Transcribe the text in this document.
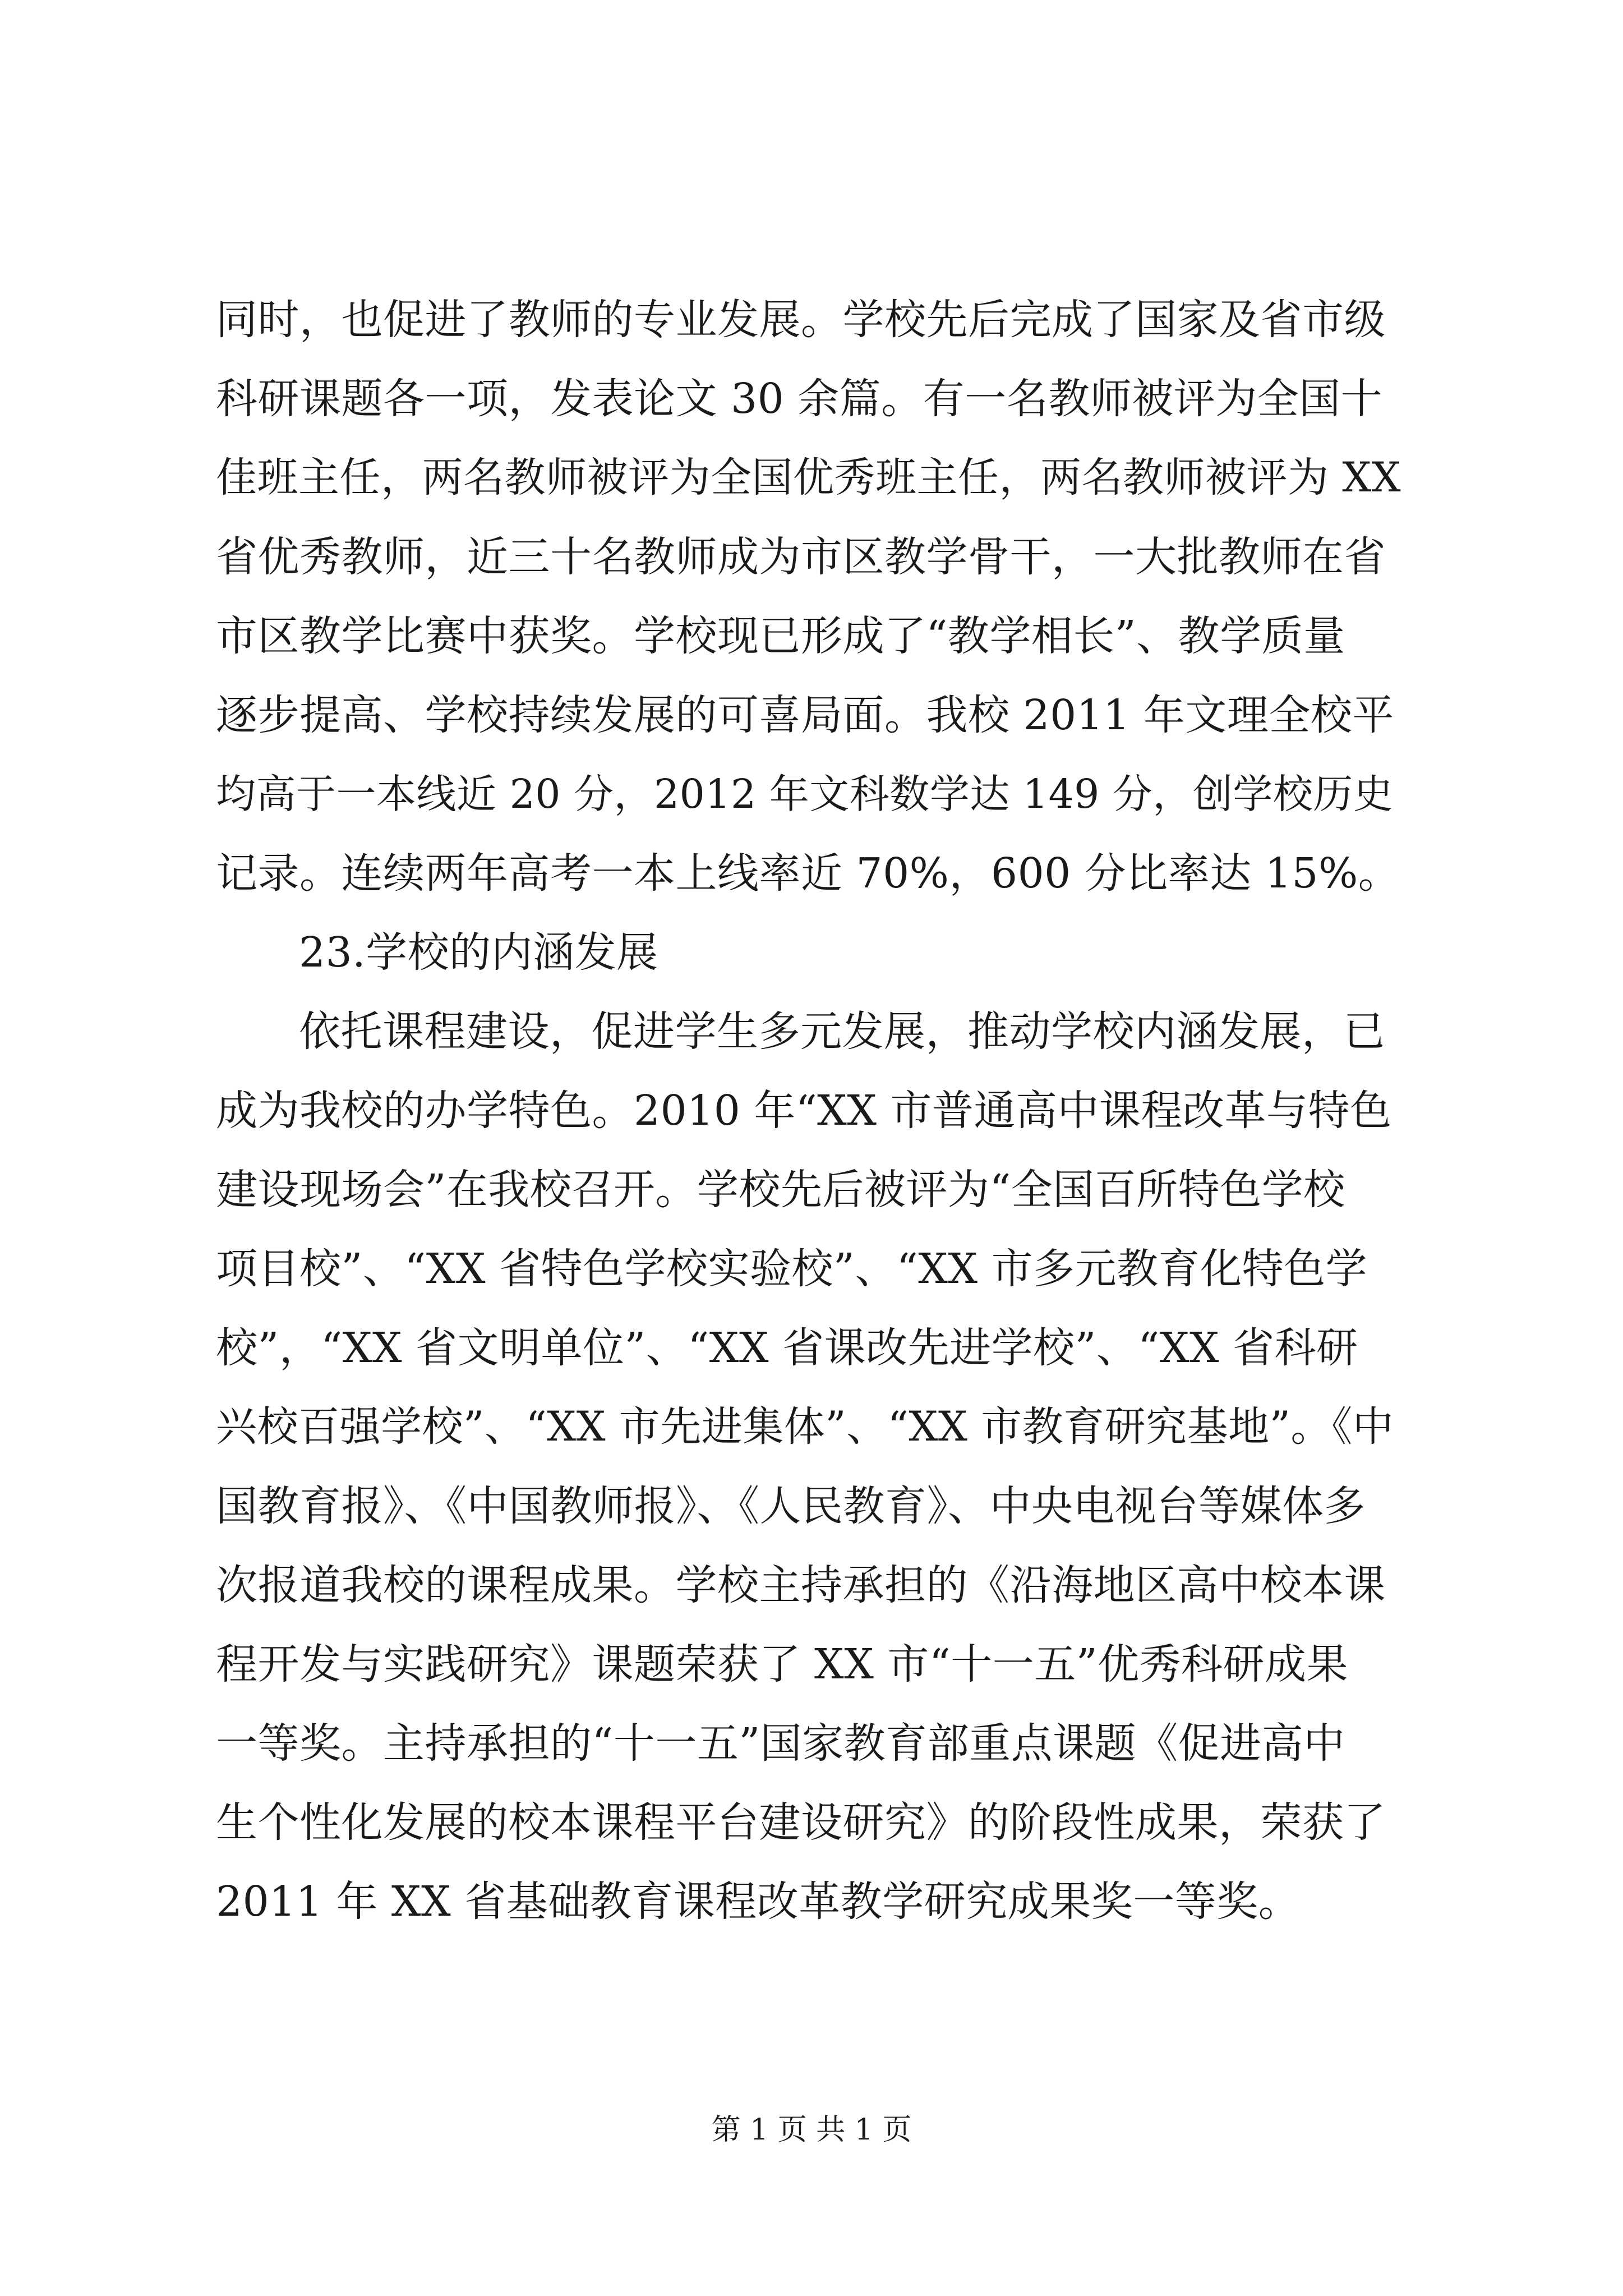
同时，也促进了教师的专业发展。学校先后完成了国家及省市级
科研课题各一项，发表论文 30 余篇。有一名教师被评为全国十
佳班主任，两名教师被评为全国优秀班主任，两名教师被评为 XX
省优秀教师，近三十名教师成为市区教学骨干，一大批教师在省
市区教学比赛中获奖。学校现已形成了“教学相长”、教学质量
逐步提高、学校持续发展的可喜局面。我校 2011 年文理全校平
均高于一本线近 20 分，2012 年文科数学达 149 分，创学校历史
记录。连续两年高考一本上线率近 70%，600 分比率达 15%。
23.学校的内涵发展
依托课程建设，促进学生多元发展，推动学校内涵发展，已
成为我校的办学特色。2010 年“XX 市普通高中课程改革与特色
建设现场会”在我校召开。学校先后被评为“全国百所特色学校
项目校”、“XX 省特色学校实验校”、“XX 市多元教育化特色学
校”，“XX 省文明单位”、“XX 省课改先进学校”、“XX 省科研
兴校百强学校”、“XX 市先进集体”、“XX 市教育研究基地”。《中
国教育报》、《中国教师报》、《人民教育》、中央电视台等媒体多
次报道我校的课程成果。学校主持承担的《沿海地区高中校本课
程开发与实践研究》课题荣获了 XX 市“十一五”优秀科研成果
一等奖。主持承担的“十一五”国家教育部重点课题《促进高中
生个性化发展的校本课程平台建设研究》的阶段性成果，荣获了
2011 年 XX 省基础教育课程改革教学研究成果奖一等奖。
第 1 页 共 1 页
